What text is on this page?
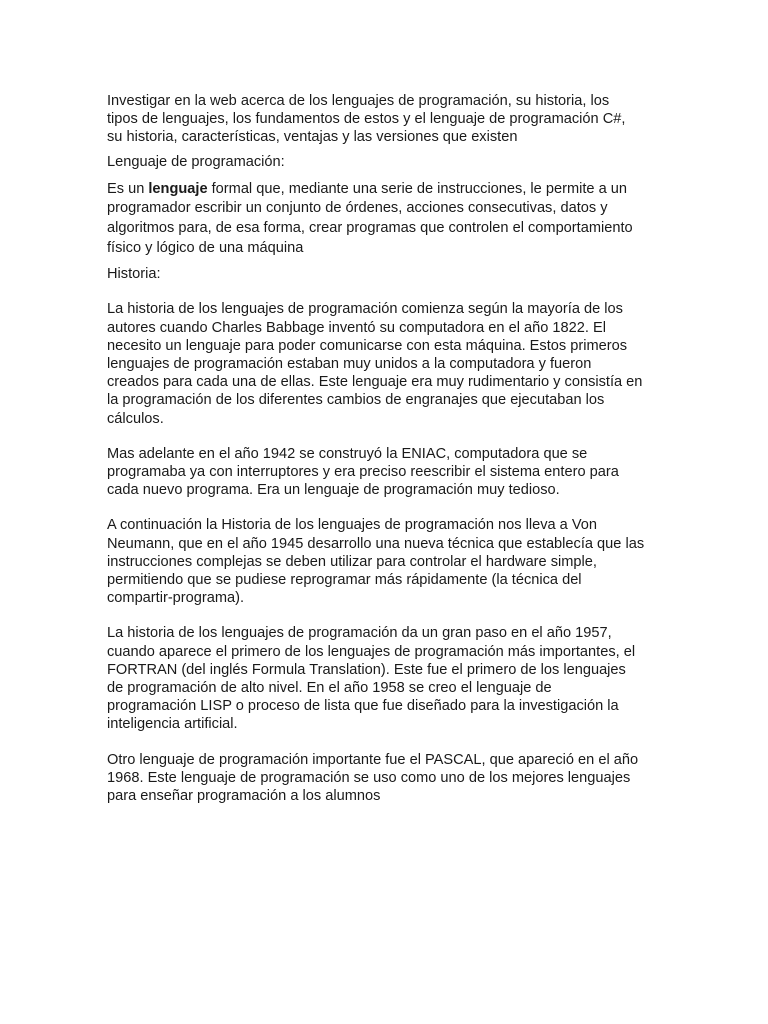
Investigar en la web acerca de los lenguajes de programación, su historia, los
tipos de lenguajes, los fundamentos de estos y el lenguaje de programación C#,
su historia, características, ventajas y las versiones que existen
Lenguaje de programación:
Es un lenguaje formal que, mediante una serie de instrucciones, le permite a un
programador escribir un conjunto de órdenes, acciones consecutivas, datos y
algoritmos para, de esa forma, crear programas que controlen el comportamiento
físico y lógico de una máquina
Historia:
La historia de los lenguajes de programación comienza según la mayoría de los
autores cuando Charles Babbage inventó su computadora en el año 1822. El
necesito un lenguaje para poder comunicarse con esta máquina. Estos primeros
lenguajes de programación estaban muy unidos a la computadora y fueron
creados para cada una de ellas. Este lenguaje era muy rudimentario y consistía en
la programación de los diferentes cambios de engranajes que ejecutaban los
cálculos.
Mas adelante en el año 1942 se construyó la ENIAC, computadora que se
programaba ya con interruptores y era preciso reescribir el sistema entero para
cada nuevo programa. Era un lenguaje de programación muy tedioso.
A continuación la Historia de los lenguajes de programación nos lleva a Von
Neumann, que en el año 1945 desarrollo una nueva técnica que establecía que las
instrucciones complejas se deben utilizar para controlar el hardware simple,
permitiendo que se pudiese reprogramar más rápidamente (la técnica del
compartir-programa).
La historia de los lenguajes de programación da un gran paso en el año 1957,
cuando aparece el primero de los lenguajes de programación más importantes, el
FORTRAN (del inglés Formula Translation). Este fue el primero de los lenguajes
de programación de alto nivel. En el año 1958 se creo el lenguaje de
programación LISP o proceso de lista que fue diseñado para la investigación la
inteligencia artificial.
Otro lenguaje de programación importante fue el PASCAL, que apareció en el año
1968. Este lenguaje de programación se uso como uno de los mejores lenguajes
para enseñar programación a los alumnos
